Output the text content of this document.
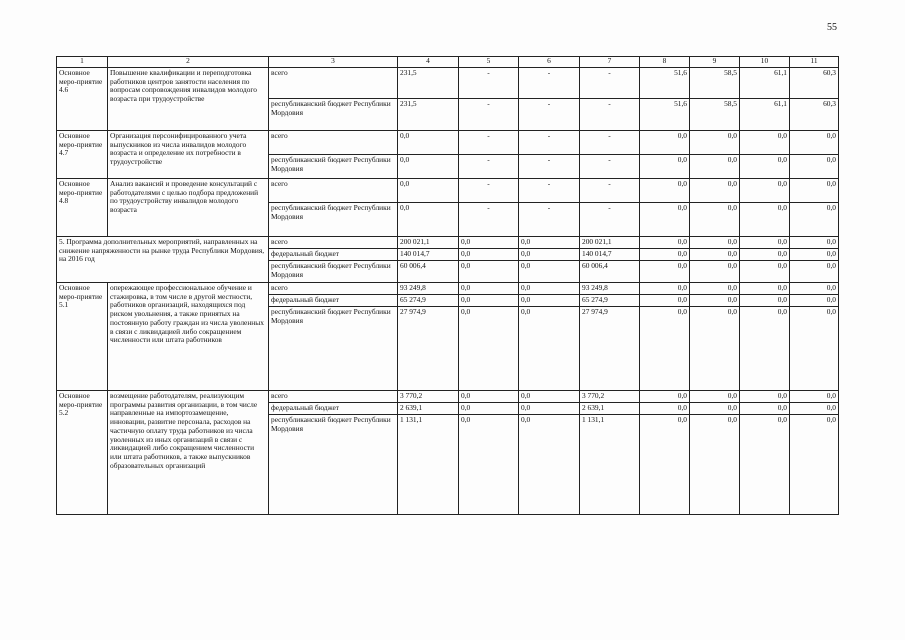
55
1	2	3	4	5	6	7	8	9	10	11
Основное меро-приятие 4.6	Повышение квалификации и переподготовка работников центров занятости населения по вопросам сопровождения инвалидов молодого возраста при трудоустройстве	всего	231,5	-	-	-	51,6	58,5	61,1	60,3
		республиканский бюджет Республики Мордовия	231,5	-	-	-	51,6	58,5	61,1	60,3
Основное меро-приятие 4.7	Организация персонифицированного учета выпускников из числа инвалидов молодого возраста и определение их потребности в трудоустройстве	всего	0,0	-	-	-	0,0	0,0	0,0	0,0
		республиканский бюджет Республики Мордовия	0,0	-	-	-	0,0	0,0	0,0	0,0
Основное меро-приятие 4.8	Анализ вакансий и проведение консультаций с работодателями с целью подбора предложений по трудоустройству инвалидов молодого возраста	всего	0,0	-	-	-	0,0	0,0	0,0	0,0
		республиканский бюджет Республики Мордовия	0,0	-	-	-	0,0	0,0	0,0	0,0
5. Программа дополнительных мероприятий, направленных на снижение напряженности на рынке труда Республики Мордовия, на 2016 год		всего	200 021,1	0,0	0,0	200 021,1	0,0	0,0	0,0	0,0
		федеральный бюджет	140 014,7	0,0	0,0	140 014,7	0,0	0,0	0,0	0,0
		республиканский бюджет Республики Мордовия	60 006,4	0,0	0,0	60 006,4	0,0	0,0	0,0	0,0
Основное меро-приятие 5.1	опережающее профессиональное обучение и стажировка, в том числе в другой местности, работников организаций, находящихся под риском увольнения, а также принятых на постоянную работу граждан из числа уволенных в связи с ликвидацией либо сокращением численности или штата работников	всего	93 249,8	0,0	0,0	93 249,8	0,0	0,0	0,0	0,0
		федеральный бюджет	65 274,9	0,0	0,0	65 274,9	0,0	0,0	0,0	0,0
		республиканский бюджет Республики Мордовия	27 974,9	0,0	0,0	27 974,9	0,0	0,0	0,0	0,0
Основное меро-приятие 5.2	возмещение работодателям, реализующим программы развития организации, в том числе направленные на импортозамещение, инновации, развитие персонала, расходов на частичную оплату труда работников из числа уволенных из иных организаций в связи с ликвидацией либо сокращением численности или штата работников, а также выпускников образовательных организаций	всего	3 770,2	0,0	0,0	3 770,2	0,0	0,0	0,0	0,0
		федеральный бюджет	2 639,1	0,0	0,0	2 639,1	0,0	0,0	0,0	0,0
		республиканский бюджет Республики Мордовия	1 131,1	0,0	0,0	1 131,1	0,0	0,0	0,0	0,0
